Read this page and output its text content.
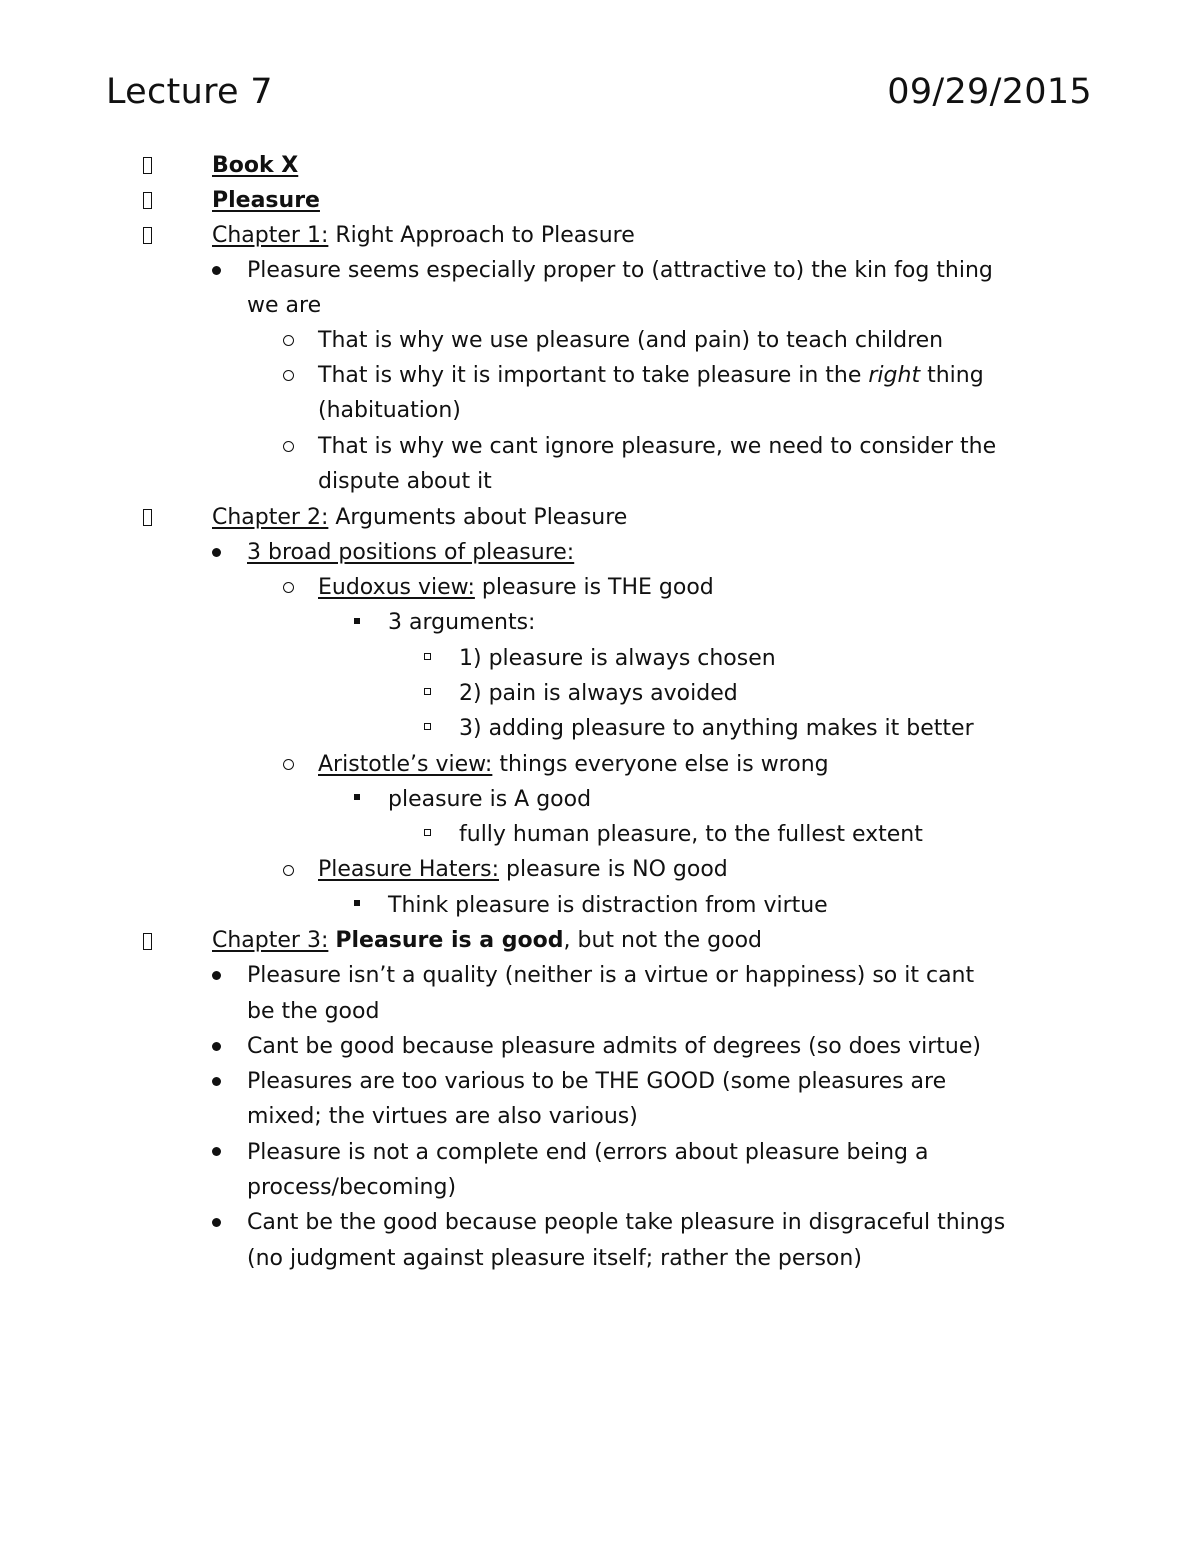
Lecture 7	09/29/2015
Book X
Pleasure
Chapter 1: Right Approach to Pleasure
Pleasure seems especially proper to (attractive to) the kin fog thing
we are
That is why we use pleasure (and pain) to teach children
That is why it is important to take pleasure in the right thing
(habituation)
That is why we cant ignore pleasure, we need to consider the
dispute about it
Chapter 2: Arguments about Pleasure
3 broad positions of pleasure:
Eudoxus view: pleasure is THE good
3 arguments:
1) pleasure is always chosen
2) pain is always avoided
3) adding pleasure to anything makes it better
Aristotle’s view: things everyone else is wrong
pleasure is A good
fully human pleasure, to the fullest extent
Pleasure Haters: pleasure is NO good
Think pleasure is distraction from virtue
Chapter 3: Pleasure is a good, but not the good
Pleasure isn’t a quality (neither is a virtue or happiness) so it cant
be the good
Cant be good because pleasure admits of degrees (so does virtue)
Pleasures are too various to be THE GOOD (some pleasures are
mixed; the virtues are also various)
Pleasure is not a complete end (errors about pleasure being a
process/becoming)
Cant be the good because people take pleasure in disgraceful things
(no judgment against pleasure itself; rather the person)
